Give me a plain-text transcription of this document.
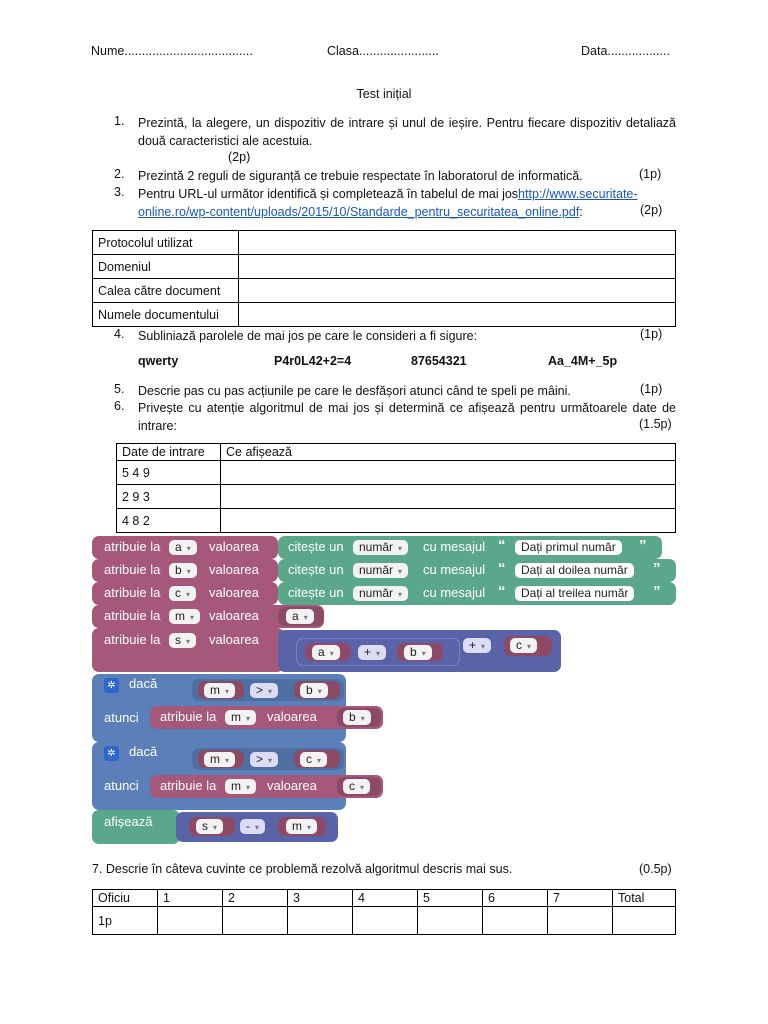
Nume.....................................	Clasa.......................	Data..................
Test inițial
1. Prezintă, la alegere, un dispozitiv de intrare și unul de ieșire. Pentru fiecare dispozitiv detaliază două caracteristici ale acestuia.
(2p)
2. Prezintă 2 reguli de siguranță ce trebuie respectate în laboratorul de informatică.	(1p)
3. Pentru URL-ul următor identifică și completează în tabelul de mai joshttp://www.securitate-
online.ro/wp-content/uploads/2015/10/Standarde_pentru_securitatea_online.pdf:	(2p)
Protocolul utilizat	
Domeniul	
Calea către document	
Numele documentului	
4. Subliniază parolele de mai jos pe care le consideri a fi sigure:	(1p)
qwerty	P4r0L42+2=4	87654321	Aa_4M+_5p
5. Descrie pas cu pas acțiunile pe care le desfășori atunci când te speli pe mâini.	(1p)
6. Privește cu atenție algoritmul de mai jos și determină ce afișează pentru următoarele date de intrare:	(1.5p)
Date de intrare	Ce afișează
5 4 9	
2 9 3	
4 8 2	
atribuie la	a ▾	valoarea citește un	număr ▾	cu mesajul “	Dați primul număr	”
atribuie la	b ▾	valoarea citește un	număr ▾	cu mesajul “	Dați al doilea număr	”
atribuie la	c ▾	valoarea citește un	număr ▾	cu mesajul “	Dați al treilea număr	”
atribuie la	m ▾	valoarea	a ▾
atribuie la	s ▾	valoarea
a ▾	+ ▾	b ▾
+ ▾	c ▾
✲ dacă	m ▾	> ▾	b ▾
atunci atribuie la	m ▾	valoarea	b ▾
✲ dacă	m ▾	> ▾	c ▾
atunci atribuie la	m ▾	valoarea	c ▾
afișează	s ▾	- ▾	m ▾
7. Descrie în câteva cuvinte ce problemă rezolvă algoritmul descris mai sus.	(0.5p)
Oficiu	1	2	3	4	5	6	7	Total
1p								
